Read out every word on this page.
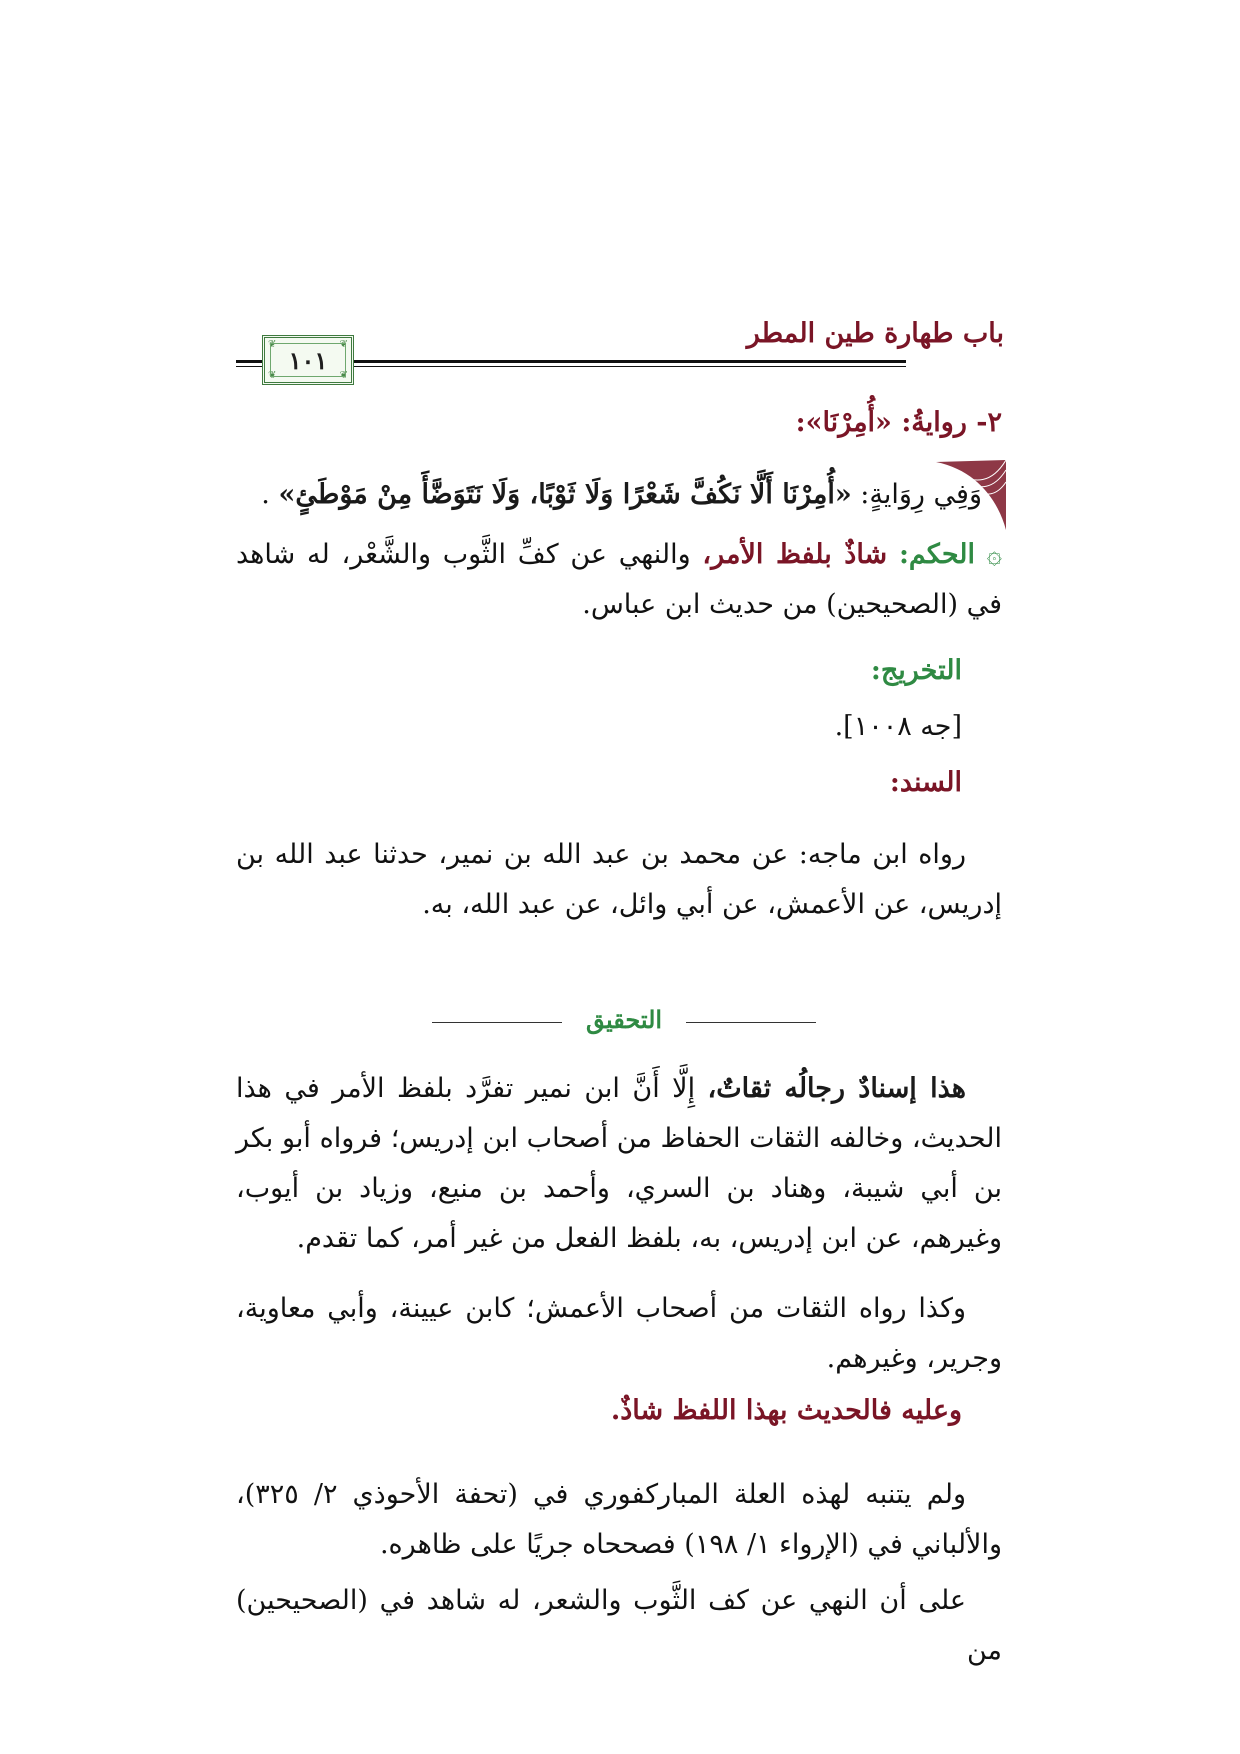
باب طهارة طين المطر
❦	❦
❦	❦
١٠١
٢- روايةُ: «أُمِرْنَا»:
وَفِي رِوَايةٍ: «أُمِرْنَا أَلَّا نَكُفَّ شَعْرًا وَلَا ثَوْبًا، وَلَا نَتَوَضَّأَ مِنْ مَوْطَئٍ» .
۞ الحكم: شاذٌ بلفظ الأمر، والنهي عن كفِّ الثَّوب والشَّعْر، له شاهد في (الصحيحين) من حديث ابن عباس.
التخريج:
[جه ١٠٠٨].
السند:
رواه ابن ماجه: عن محمد بن عبد الله بن نمير، حدثنا عبد الله بن إدريس، عن الأعمش، عن أبي وائل، عن عبد الله، به.
التحقيق
هذا إسنادٌ رجالُه ثقاتٌ، إِلَّا أَنَّ ابن نمير تفرَّد بلفظ الأمر في هذا الحديث، وخالفه الثقات الحفاظ من أصحاب ابن إدريس؛ فرواه أبو بكر بن أبي شيبة، وهناد بن السري، وأحمد بن منيع، وزياد بن أيوب، وغيرهم، عن ابن إدريس، به، بلفظ الفعل من غير أمر، كما تقدم.
وكذا رواه الثقات من أصحاب الأعمش؛ كابن عيينة، وأبي معاوية، وجرير، وغيرهم.
وعليه فالحديث بهذا اللفظ شاذٌ.
ولم يتنبه لهذه العلة المباركفوري في (تحفة الأحوذي ٢/ ٣٢٥)، والألباني في (الإرواء ١/ ١٩٨) فصححاه جريًا على ظاهره.
على أن النهي عن كف الثَّوب والشعر، له شاهد في (الصحيحين) من
